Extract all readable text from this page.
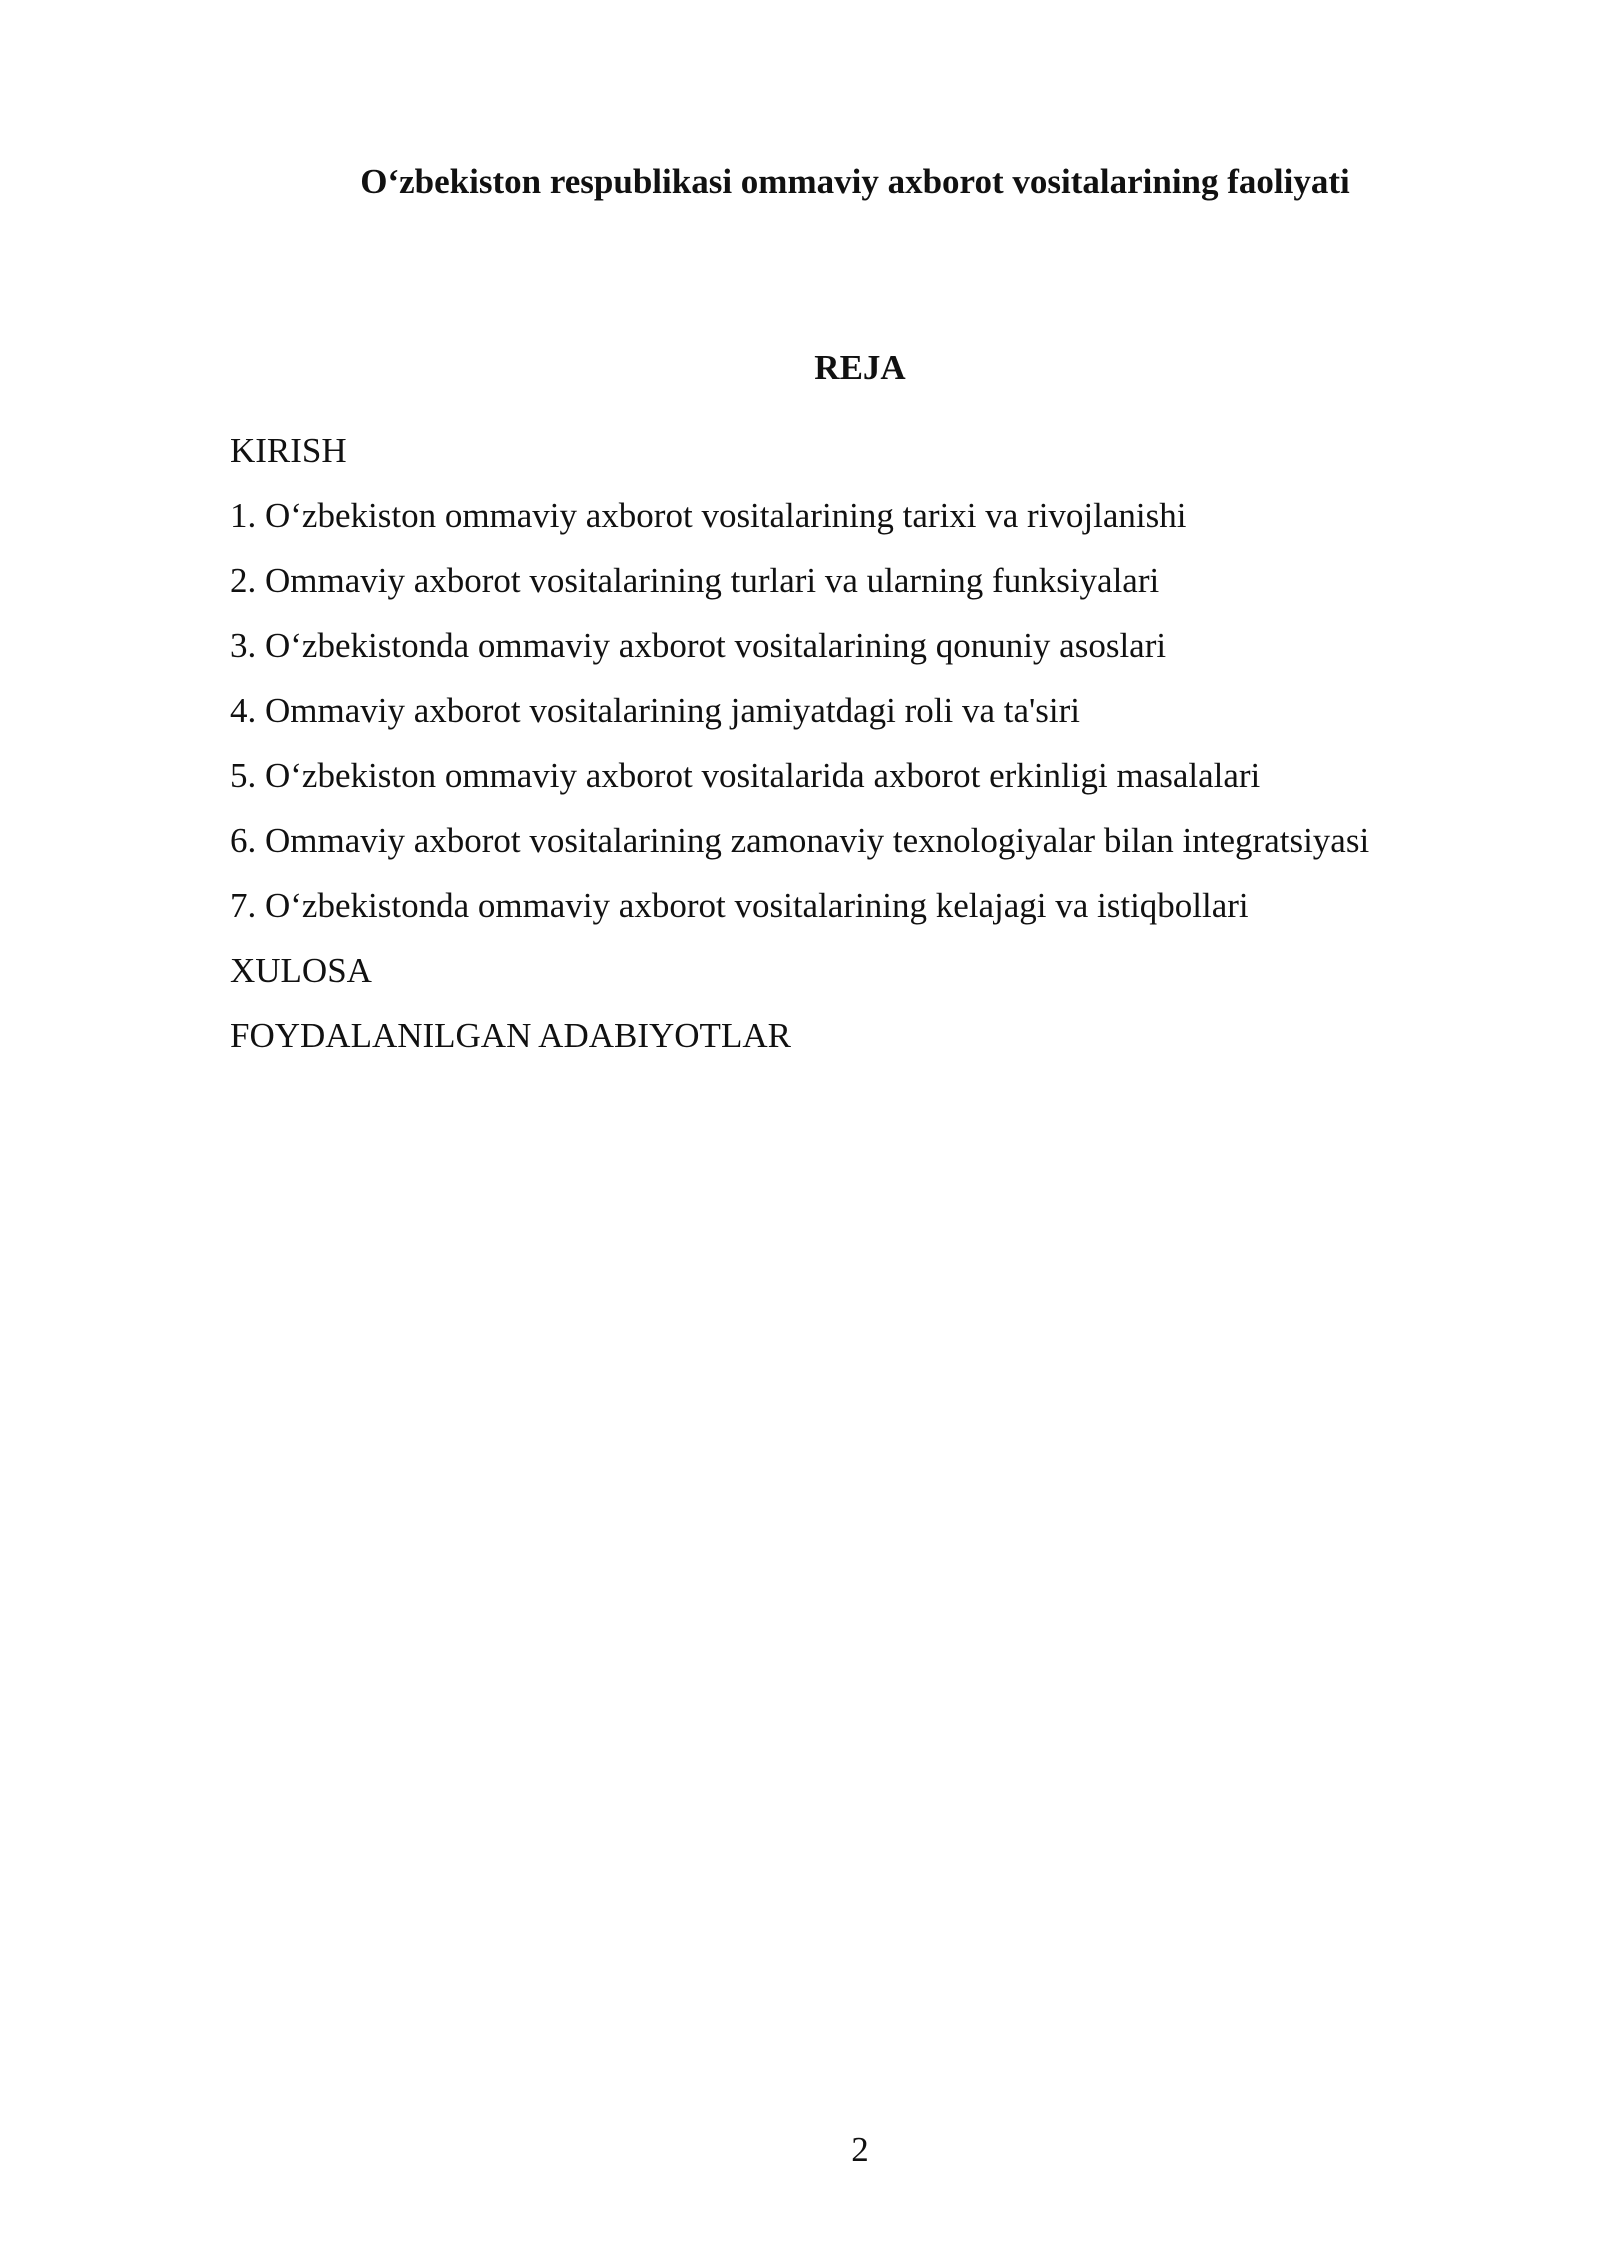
O‘zbekiston respublikasi ommaviy axborot vositalarining faoliyati
REJA
KIRISH
1. O‘zbekiston ommaviy axborot vositalarining tarixi va rivojlanishi
2. Ommaviy axborot vositalarining turlari va ularning funksiyalari
3. O‘zbekistonda ommaviy axborot vositalarining qonuniy asoslari
4. Ommaviy axborot vositalarining jamiyatdagi roli va ta'siri
5. O‘zbekiston ommaviy axborot vositalarida axborot erkinligi masalalari
6. Ommaviy axborot vositalarining zamonaviy texnologiyalar bilan integratsiyasi
7. O‘zbekistonda ommaviy axborot vositalarining kelajagi va istiqbollari
XULOSA
FOYDALANILGAN ADABIYOTLAR
2
